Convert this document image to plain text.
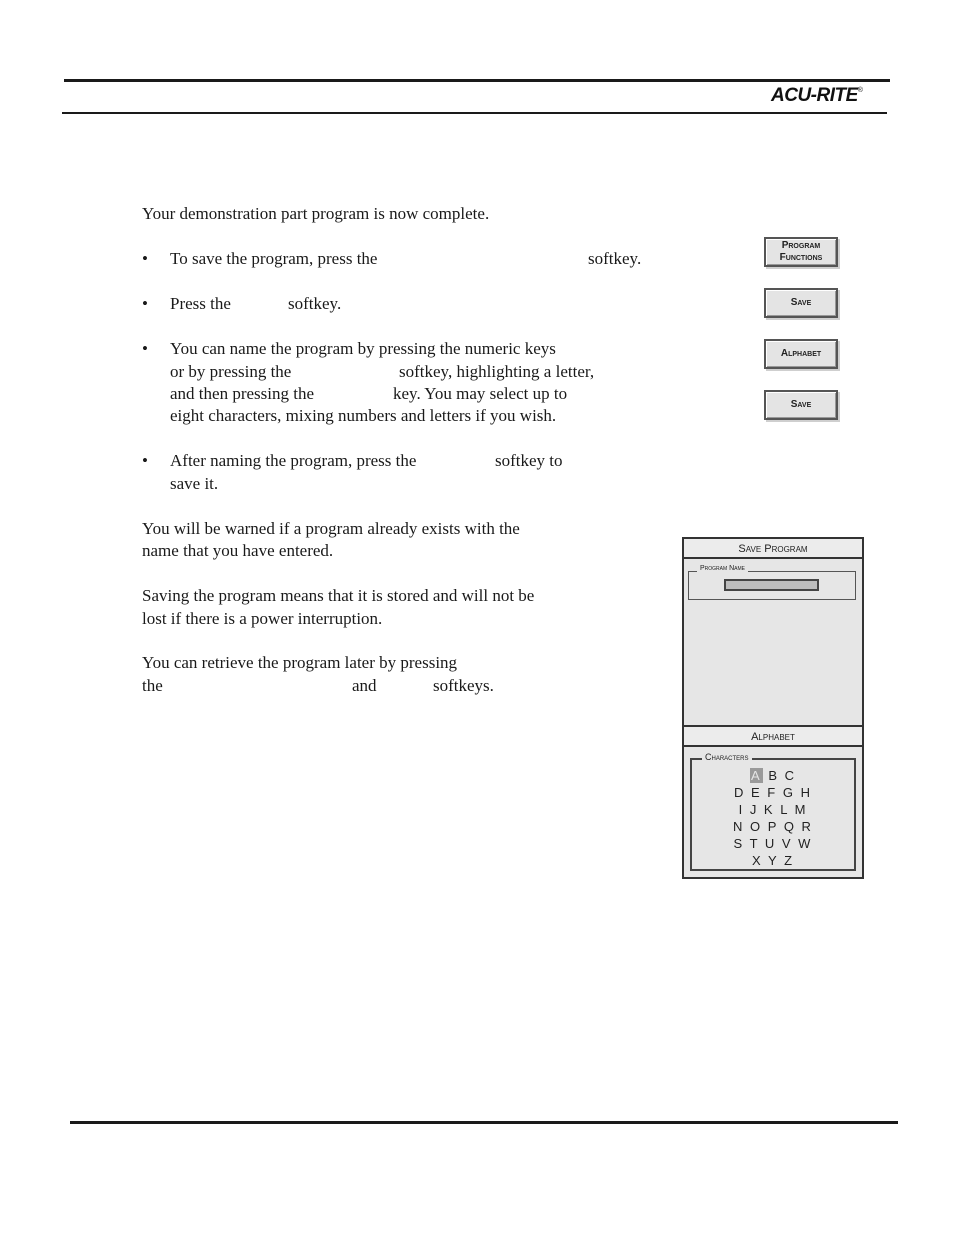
ACU-RITE®
Your demonstration part program is now complete.
• To save the program, press the	softkey.
• Press the	softkey.
• You can name the program by pressing the numeric keys
or by pressing the	softkey, highlighting a letter,
and then pressing the	key. You may select up to
eight characters, mixing numbers and letters if you wish.
• After naming the program, press the	softkey to
save it.
You will be warned if a program already exists with the
name that you have entered.
Saving the program means that it is stored and will not be
lost if there is a power interruption.
You can retrieve the program later by pressing
the	and	softkeys.
Program
Functions
Save
Alphabet
Save
Save Program
Program Name
Alphabet
Characters
A B C
D E F G H
I J K L M
N O P Q R
S T U V W
X Y Z
